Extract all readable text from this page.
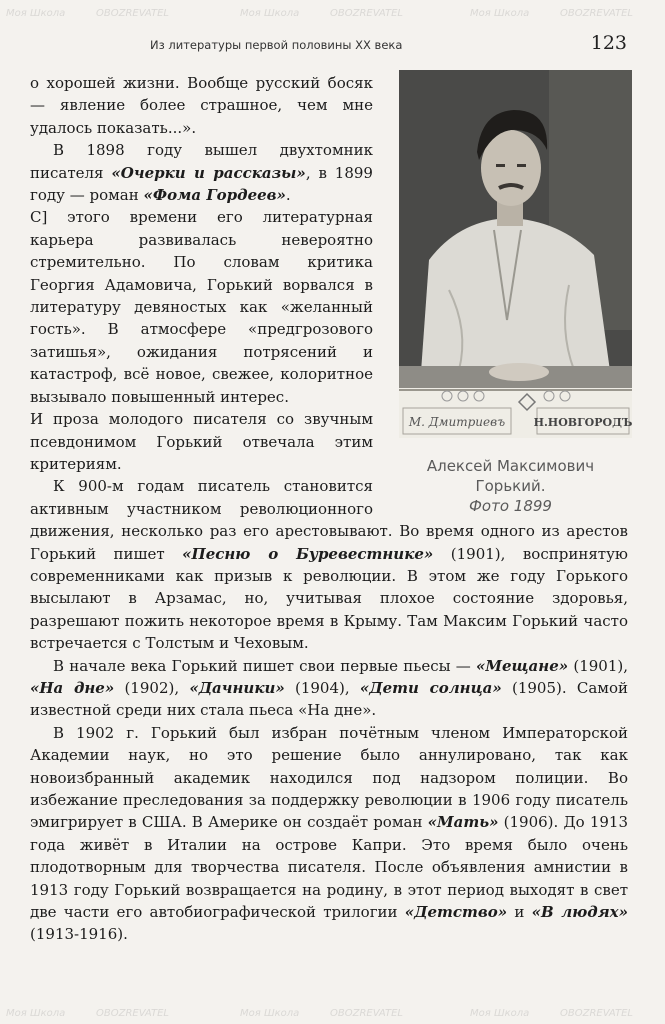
Из литературы первой половины XX века	123
М. Дмитриевъ	Н.НОВГОРОДЪ
Алексей Максимович
Горький.
Фото 1899

о хорошей жизни. Вообще русский босяк — явление более страшное, чем мне удалось показать...».

В 1898 году вышел двухтомник писателя «Очерки и рассказы», в 1899 году — роман «Фома Гордеев».

С] этого времени его литературная карьера развивалась невероятно стремительно. По словам критика Георгия Адамовича, Горький ворвался в литературу девяностых как «желанный гость». В атмосфере «предгрозового затишья», ожидания потрясений и катастроф, всё новое, свежее, колоритное вызывало повышенный интерес.

И проза молодого писателя со звучным псевдонимом Горький отвечала этим критериям.

К 900-м годам писатель становится активным участником революционного движения, несколько раз его арестовывают. Во время одного из арестов Горький пишет «Песню о Буревестнике» (1901), воспринятую современниками как призыв к революции. В этом же году Горького высылают в Арзамас, но, учитывая плохое состояние здоровья, разрешают пожить некоторое время в Крыму. Там Максим Горький часто встречается с Толстым и Чеховым.

В начале века Горький пишет свои первые пьесы — «Мещане» (1901), «На дне» (1902), «Дачники» (1904), «Дети солнца» (1905). Самой известной среди них стала пьеса «На дне».

В 1902 г. Горький был избран почётным членом Императорской Академии наук, но это решение было аннулировано, так как новоизбранный академик находился под надзором полиции. Во избежание преследования за поддержку революции в 1906 году писатель эмигрирует в США. В Америке он создаёт роман «Мать» (1906). До 1913 года живёт в Италии на острове Капри. Это время было очень плодотворным для творчества писателя. После объявления амнистии в 1913 году Горький возвращается на родину, в этот период выходят в свет две части его автобиографической трилогии «Детство» и «В людях» (1913-1916).

Моя Школа	OBOZREVATEL	Моя Школа	OBOZREVATEL	Моя Школа	OBOZREVATEL
Моя Школа	OBOZREVATEL	Моя Школа	OBOZREVATEL	Моя Школа	OBOZREVATEL
